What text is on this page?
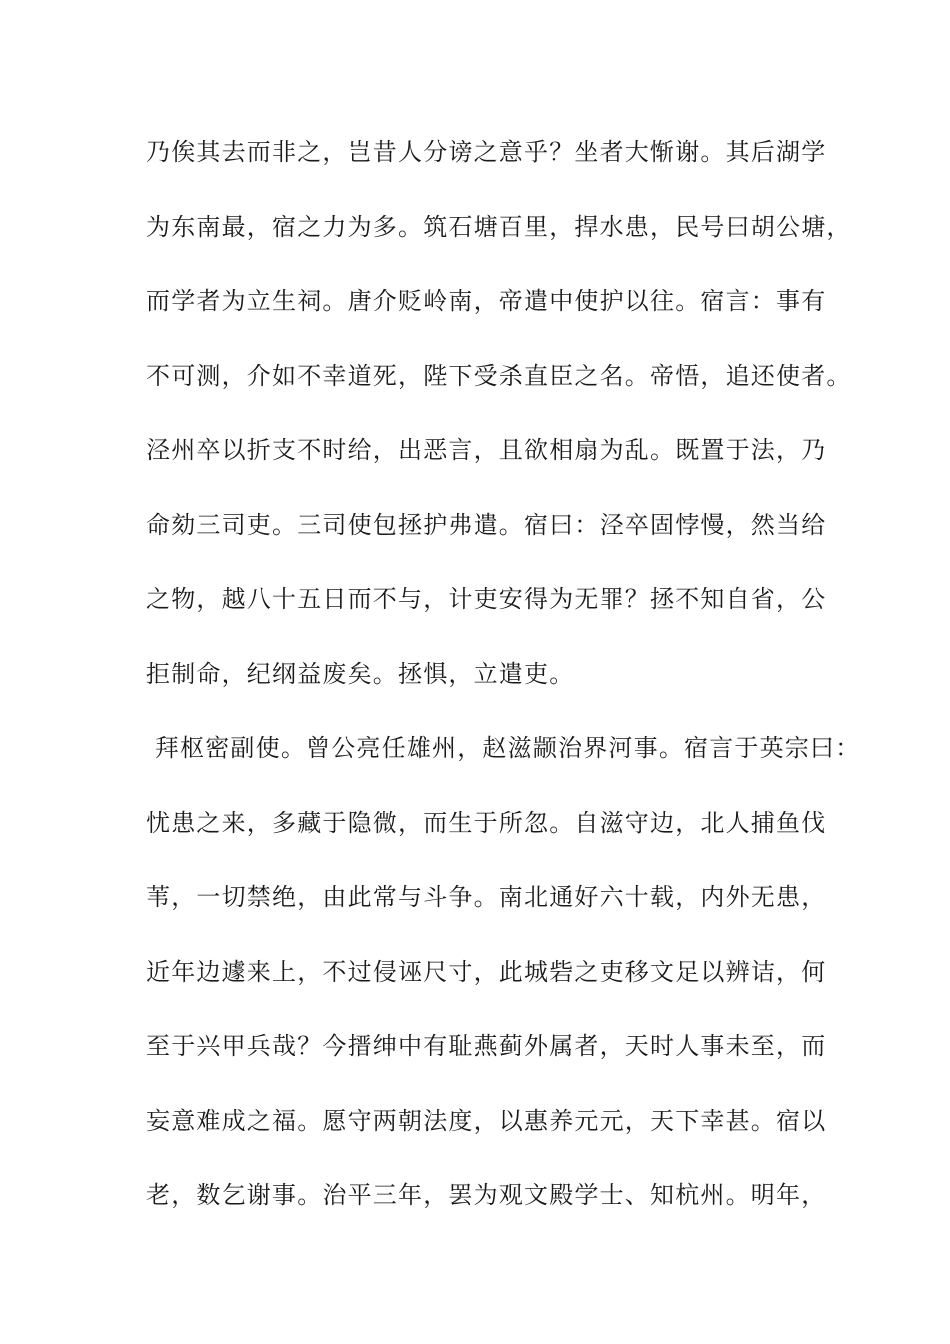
乃俟其去而非之，岂昔人分谤之意乎？坐者大惭谢。其后湖学

为东南最，宿之力为多。筑石塘百里，捍水患，民号曰胡公塘，

而学者为立生祠。唐介贬岭南，帝遣中使护以往。宿言：事有

不可测，介如不幸道死，陛下受杀直臣之名。帝悟，追还使者。

泾州卒以折支不时给，出恶言，且欲相扇为乱。既置于法，乃

命劾三司吏。三司使包拯护弗遣。宿曰：泾卒固悖慢，然当给

之物，越八十五日而不与，计吏安得为无罪？拯不知自省，公

拒制命，纪纲益废矣。拯惧，立遣吏。

拜枢密副使。曾公亮任雄州，赵滋颛治界河事。宿言于英宗曰：

忧患之来，多藏于隐微，而生于所忽。自滋守边，北人捕鱼伐

苇，一切禁绝，由此常与斗争。南北通好六十载，内外无患，

近年边遽来上，不过侵诬尺寸，此城砦之吏移文足以辨诘，何

至于兴甲兵哉？今搢绅中有耻燕蓟外属者，天时人事未至，而

妄意难成之福。愿守两朝法度，以惠养元元，天下幸甚。宿以

老，数乞谢事。治平三年，罢为观文殿学士、知杭州。明年，
